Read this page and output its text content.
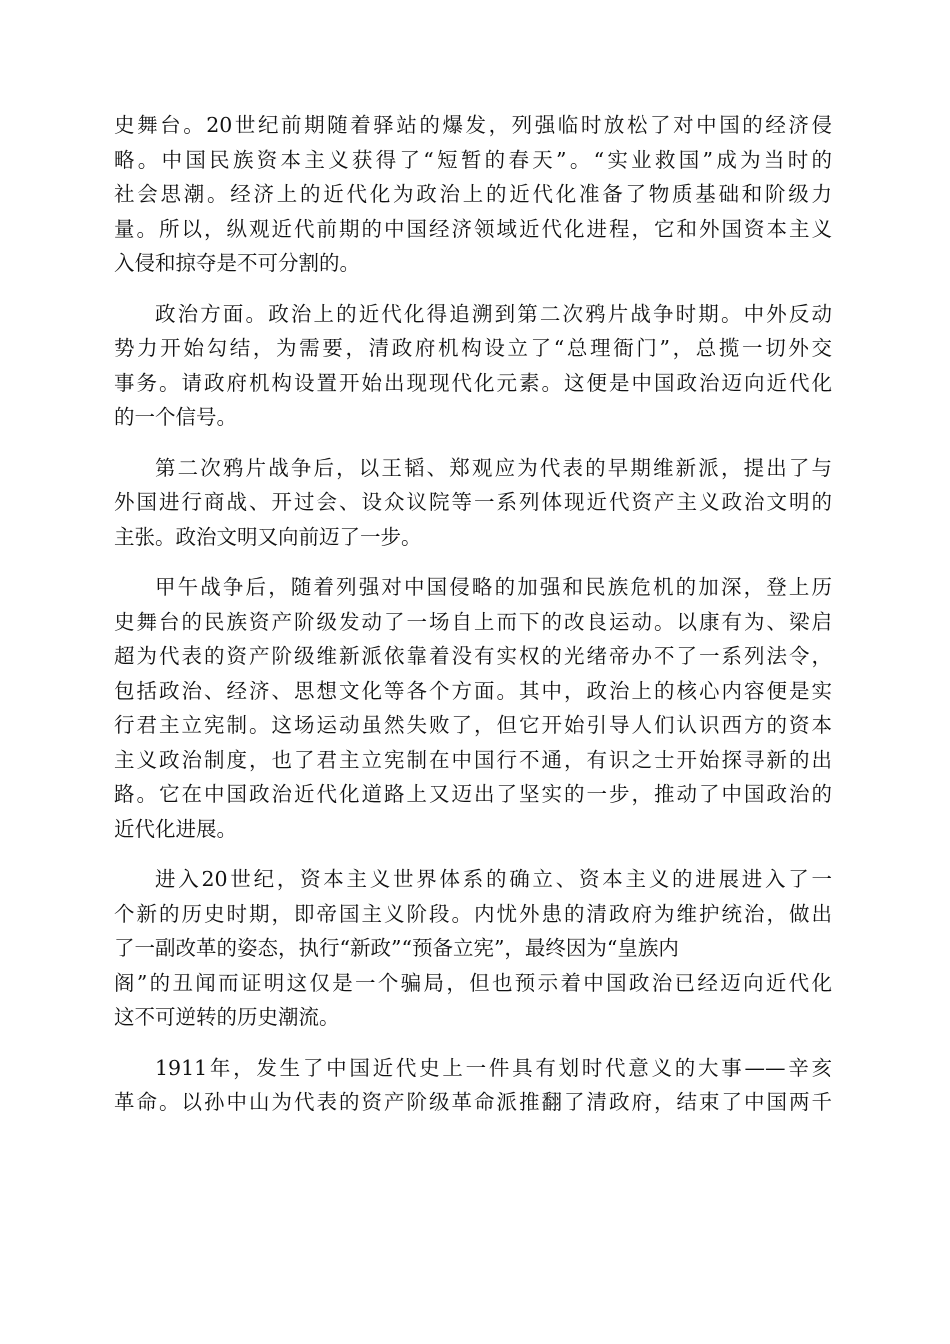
史舞台。20世纪前期随着驿站的爆发，列强临时放松了对中国的经济侵
略。中国民族资本主义获得了“短暂的春天”。“实业救国”成为当时的
社会思潮。经济上的近代化为政治上的近代化准备了物质基础和阶级力
量。所以，纵观近代前期的中国经济领域近代化进程，它和外国资本主义
入侵和掠夺是不可分割的。
政治方面。政治上的近代化得追溯到第二次鸦片战争时期。中外反动
势力开始勾结，为需要，清政府机构设立了“总理衙门”，总揽一切外交
事务。请政府机构设置开始出现现代化元素。这便是中国政治迈向近代化
的一个信号。
第二次鸦片战争后，以王韬、郑观应为代表的早期维新派，提出了与
外国进行商战、开过会、设众议院等一系列体现近代资产主义政治文明的
主张。政治文明又向前迈了一步。
甲午战争后，随着列强对中国侵略的加强和民族危机的加深，登上历
史舞台的民族资产阶级发动了一场自上而下的改良运动。以康有为、梁启
超为代表的资产阶级维新派依靠着没有实权的光绪帝办不了一系列法令，
包括政治、经济、思想文化等各个方面。其中，政治上的核心内容便是实
行君主立宪制。这场运动虽然失败了，但它开始引导人们认识西方的资本
主义政治制度，也了君主立宪制在中国行不通，有识之士开始探寻新的出
路。它在中国政治近代化道路上又迈出了坚实的一步，推动了中国政治的
近代化进展。
进入20世纪，资本主义世界体系的确立、资本主义的进展进入了一
个新的历史时期，即帝国主义阶段。内忧外患的清政府为维护统治，做出
了一副改革的姿态，执行“新政”“预备立宪”，最终因为“皇族内
阁”的丑闻而证明这仅是一个骗局，但也预示着中国政治已经迈向近代化
这不可逆转的历史潮流。
1911年，发生了中国近代史上一件具有划时代意义的大事——辛亥
革命。以孙中山为代表的资产阶级革命派推翻了清政府，结束了中国两千
